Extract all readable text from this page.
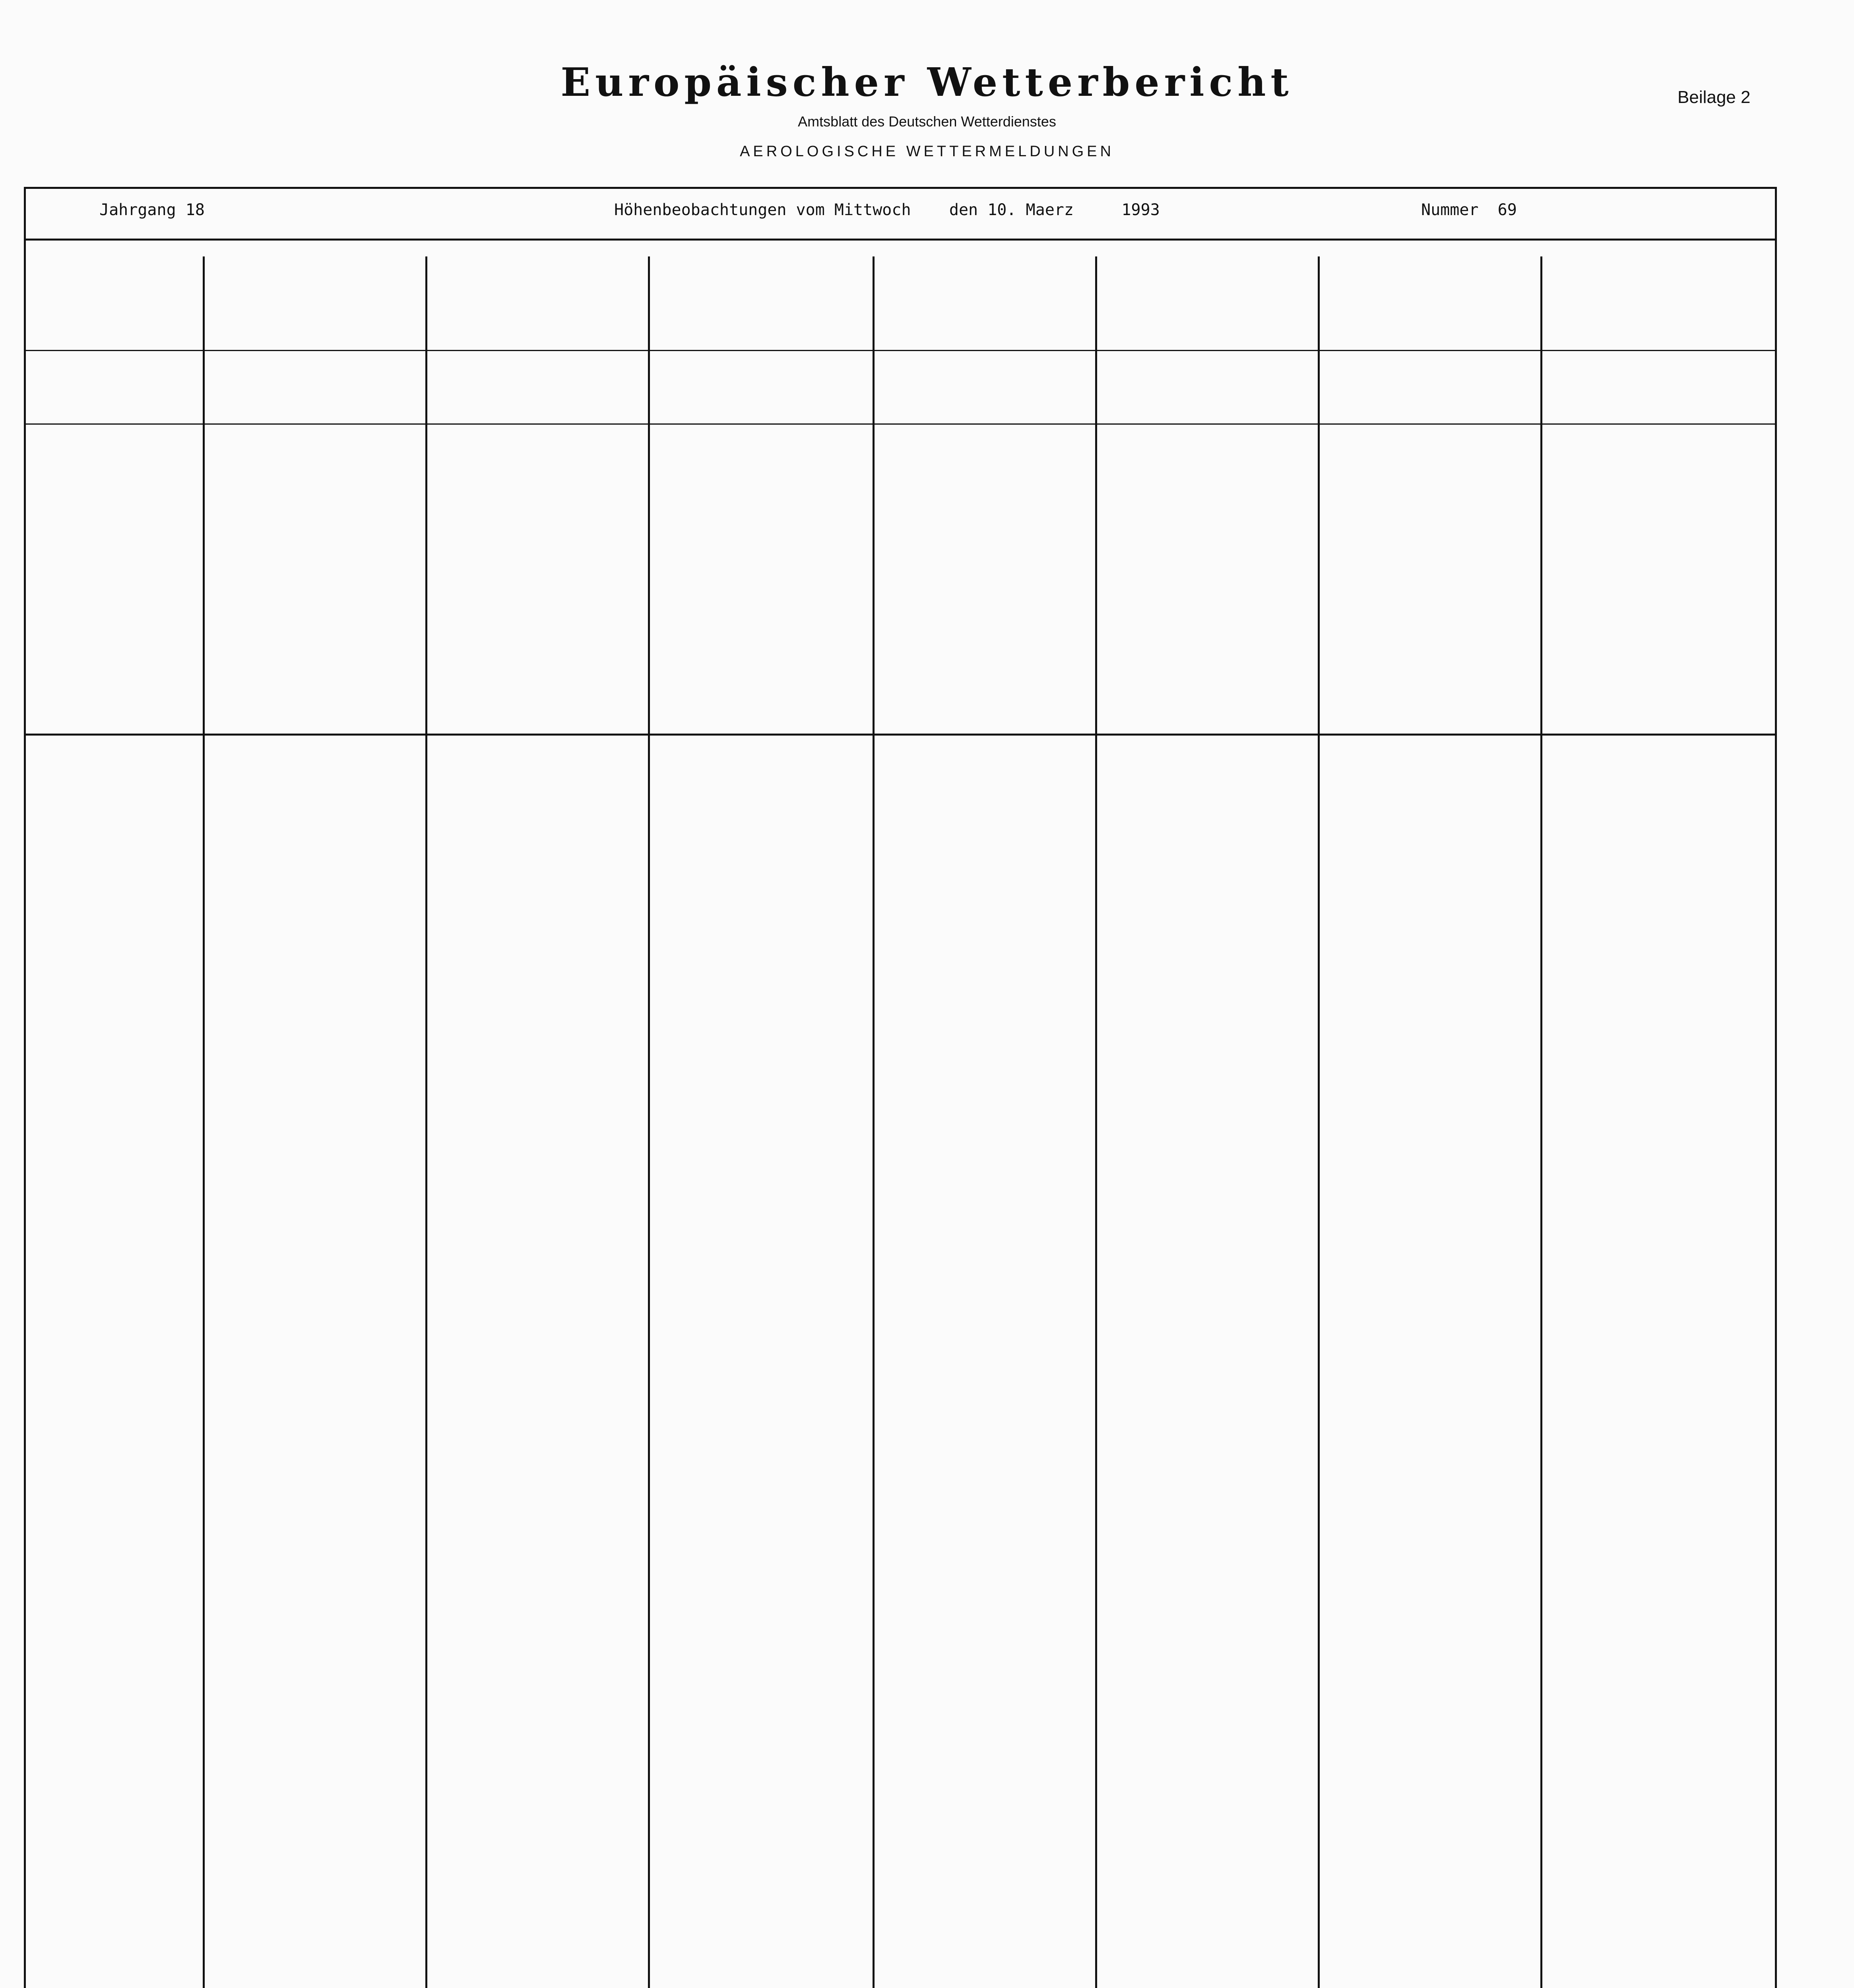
Europäischer Wetterbericht	Beilage 2
Amtsblatt des Deutschen Wetterdienstes
AEROLOGISCHE WETTERMELDUNGEN
Jahrgang 18	Höhenbeobachtungen vom Mittwoch    den 10. Maerz     1993	Nummer  69
